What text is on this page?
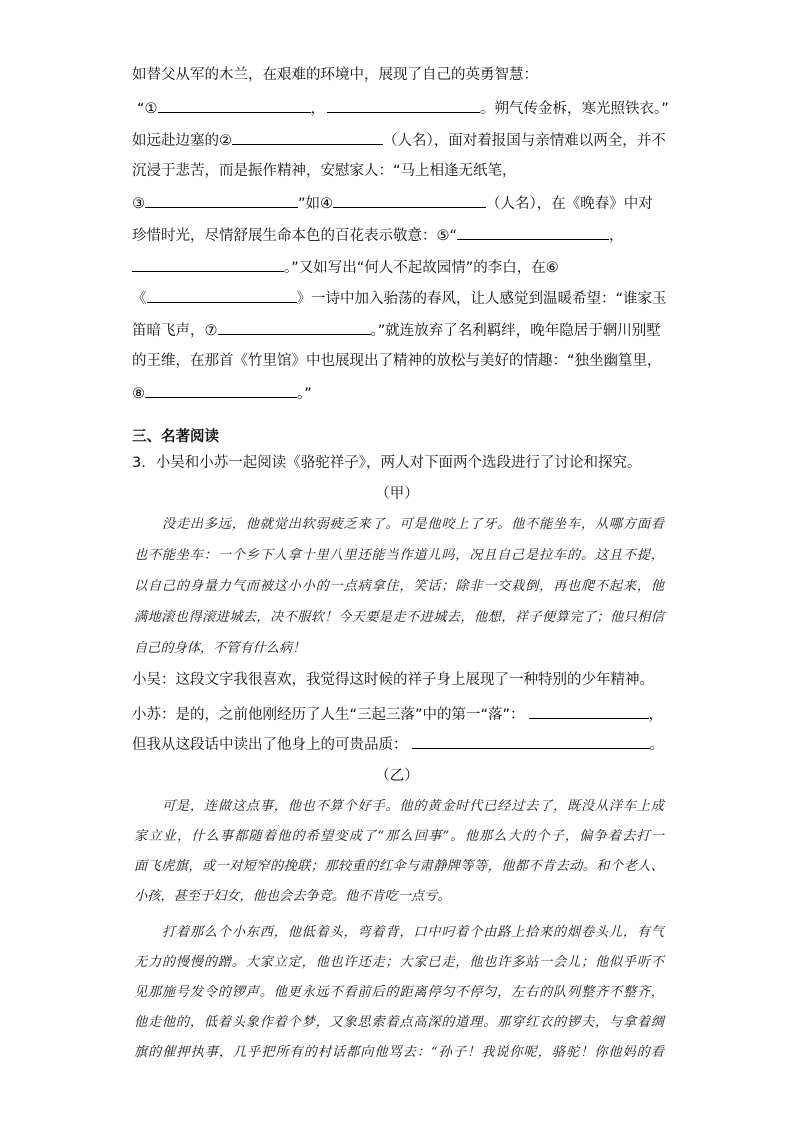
如替父从军的木兰，在艰难的环境中，展现了自己的英勇智慧：
“①	，	。朔气传金柝，寒光照铁衣。”
如远赴边塞的②	（人名），面对着报国与亲情难以两全，并不
沉浸于悲苦，而是振作精神，安慰家人：“马上相逢无纸笔，
③	”如④	（人名），在《晚春》中对
珍惜时光，尽情舒展生命本色的百花表示敬意：⑤“	，
。”又如写出“何人不起故园情”的李白，在⑥
《	》一诗中加入骀荡的春风，让人感觉到温暖希望：“谁家玉
笛暗飞声，⑦	。”就连放弃了名利羁绊，晚年隐居于辋川别墅
的王维，在那首《竹里馆》中也展现出了精神的放松与美好的情趣：“独坐幽篁里，
⑧	。”
三、名著阅读
3．小吴和小苏一起阅读《骆驼祥子》，两人对下面两个选段进行了讨论和探究。
（甲）
没走出多远，他就觉出软弱疲乏来了。可是他咬上了牙。他不能坐车，从哪方面看
也不能坐车：一个乡下人拿十里八里还能当作道儿吗，况且自己是拉车的。这且不提，
以自己的身量力气而被这小小的一点病拿住，笑话；除非一交栽倒，再也爬不起来，他
满地滚也得滚进城去，决不服软！今天要是走不进城去，他想，祥子便算完了；他只相信
自己的身体，不管有什么病！
小吴：这段文字我很喜欢，我觉得这时候的祥子身上展现了一种特别的少年精神。
小苏：是的，之前他刚经历了人生“三起三落”中的第一“落”：	，
但我从这段话中读出了他身上的可贵品质：	。
（乙）
可是，连做这点事，他也不算个好手。他的黄金时代已经过去了，既没从洋车上成
家立业，什么事都随着他的希望变成了“那么回事”。他那么大的个子，偏争着去打一
面飞虎旗，或一对短窄的挽联；那较重的红伞与肃静牌等等，他都不肯去动。和个老人、
小孩，甚至于妇女，他也会去争竞。他不肯吃一点亏。
打着那么个小东西，他低着头，弯着背，口中叼着个由路上拾来的烟卷头儿，有气
无力的慢慢的蹭。大家立定，他也许还走；大家已走，他也许多站一会儿；他似乎听不
见那施号发令的锣声。他更永远不看前后的距离停匀不停匀，左右的队列整齐不整齐，
他走他的，低着头象作着个梦，又象思索着点高深的道理。那穿红衣的锣夫，与拿着绸
旗的催押执事，几乎把所有的村话都向他骂去：“孙子！我说你呢，骆驼！你他妈的看
